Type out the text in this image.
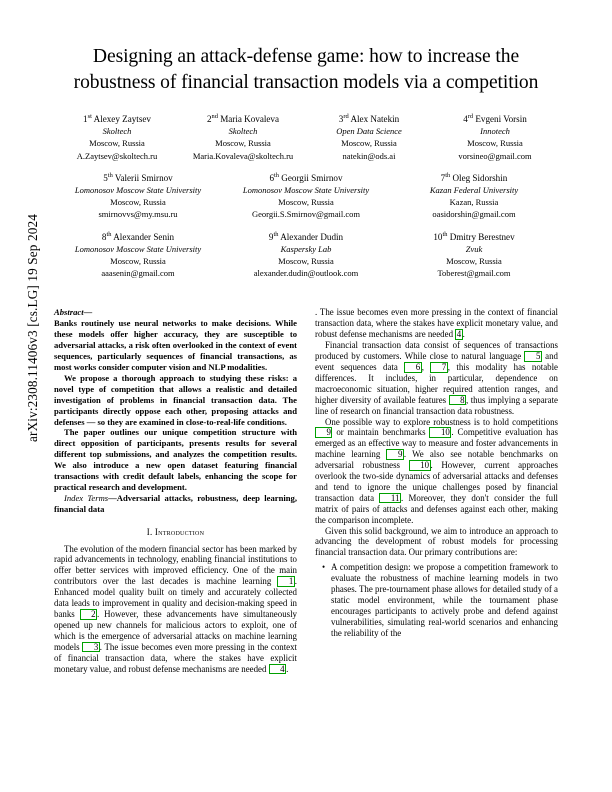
arXiv:2308.11406v3 [cs.LG] 19 Sep 2024
Designing an attack-defense game: how to increase the robustness of financial transaction models via a competition
1st Alexey Zaytsev
Skoltech
Moscow, Russia
A.Zaytsev@skoltech.ru
2nd Maria Kovaleva
Skoltech
Moscow, Russia
Maria.Kovaleva@skoltech.ru
3rd Alex Natekin
Open Data Science
Moscow, Russia
natekin@ods.ai
4rd Evgeni Vorsin
Innotech
Moscow, Russia
vorsineo@gmail.com
5th Valerii Smirnov
Lomonosov Moscow State University
Moscow, Russia
smirnovvs@my.msu.ru
6th Georgii Smirnov
Lomonosov Moscow State University
Moscow, Russia
Georgii.S.Smirnov@gmail.com
7th Oleg Sidorshin
Kazan Federal University
Kazan, Russia
oasidorshin@gmail.com
8th Alexander Senin
Lomonosov Moscow State University
Moscow, Russia
aaasenin@gmail.com
9th Alexander Dudin
Kaspersky Lab
Moscow, Russia
alexander.dudin@outlook.com
10th Dmitry Berestnev
Zvuk
Moscow, Russia
Toberest@gmail.com

Abstract—

Banks routinely use neural networks to make decisions. While these models offer higher accuracy, they are susceptible to adversarial attacks, a risk often overlooked in the context of event sequences, particularly sequences of financial transactions, as most works consider computer vision and NLP modalities.

We propose a thorough approach to studying these risks: a novel type of competition that allows a realistic and detailed investigation of problems in financial transaction data. The participants directly oppose each other, proposing attacks and defenses — so they are examined in close-to-real-life conditions.

The paper outlines our unique competition structure with direct opposition of participants, presents results for several different top submissions, and analyzes the competition results. We also introduce a new open dataset featuring financial transactions with credit default labels, enhancing the scope for practical research and development.

Index Terms—Adversarial attacks, robustness, deep learning, financial data

I. Introduction

The evolution of the modern financial sector has been marked by rapid advancements in technology, enabling financial institutions to offer better services with improved efficiency. One of the main contributors over the last decades is machine learning 1 . Enhanced model quality built on timely and accurately collected data leads to improvement in quality and decision-making speed in banks 2 . However, these advancements have simultaneously opened up new channels for malicious actors to exploit, one of which is the emergence of adversarial attacks on machine learning models 3 . The issue becomes even more pressing in the context of financial transaction data, where the stakes have explicit monetary value, and robust defense mechanisms are needed 4 .

. The issue becomes even more pressing in the context of financial transaction data, where the stakes have explicit monetary value, and robust defense mechanisms are needed 4 .

Financial transaction data consist of sequences of transactions produced by customers. While close to natural language 5 and event sequences data 6 , 7 , this modality has notable differences. It includes, in particular, dependence on macroeconomic situation, higher required attention ranges, and higher diversity of available features 8 , thus implying a separate line of research on financial transaction data robustness.

One possible way to explore robustness is to hold competitions 9 or maintain benchmarks 10 . Competitive evaluation has emerged as an effective way to measure and foster advancements in machine learning 9 . We also see notable benchmarks on adversarial robustness 10 . However, current approaches overlook the two-side dynamics of adversarial attacks and defenses and tend to ignore the unique challenges posed by financial transaction data 11 . Moreover, they don't consider the full matrix of pairs of attacks and defenses against each other, making the comparison incomplete.

Given this solid background, we aim to introduce an approach to advancing the development of robust models for processing financial transaction data. Our primary contributions are:

• A competition design: we propose a competition framework to evaluate the robustness of machine learning models in two phases. The pre-tournament phase allows for detailed study of a static model environment, while the tournament phase encourages participants to actively probe and defend against vulnerabilities, simulating real-world scenarios and enhancing the reliability of the
